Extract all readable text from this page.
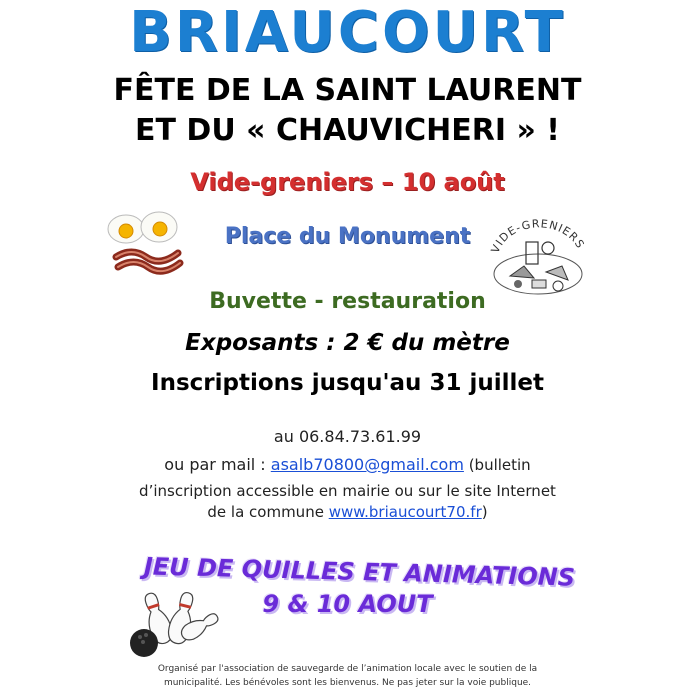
BRIAUCOURT
FÊTE DE LA SAINT LAURENT
ET DU « CHAUVICHERI » !
Vide-greniers – 10 août
Place du Monument	VIDE-GRENIERS
Buvette - restauration
Exposants : 2 € du mètre
Inscriptions jusqu'au 31 juillet
au 06.84.73.61.99
ou par mail : asalb70800@gmail.com (bulletin
d’inscription accessible en mairie ou sur le site Internet
de la commune www.briaucourt70.fr)
JEU DE QUILLES ET ANIMATIONS
9 & 10 AOUT
Organisé par l'association de sauvegarde de l’animation locale avec le soutien de la
municipalité. Les bénévoles sont les bienvenus. Ne pas jeter sur la voie publique.
